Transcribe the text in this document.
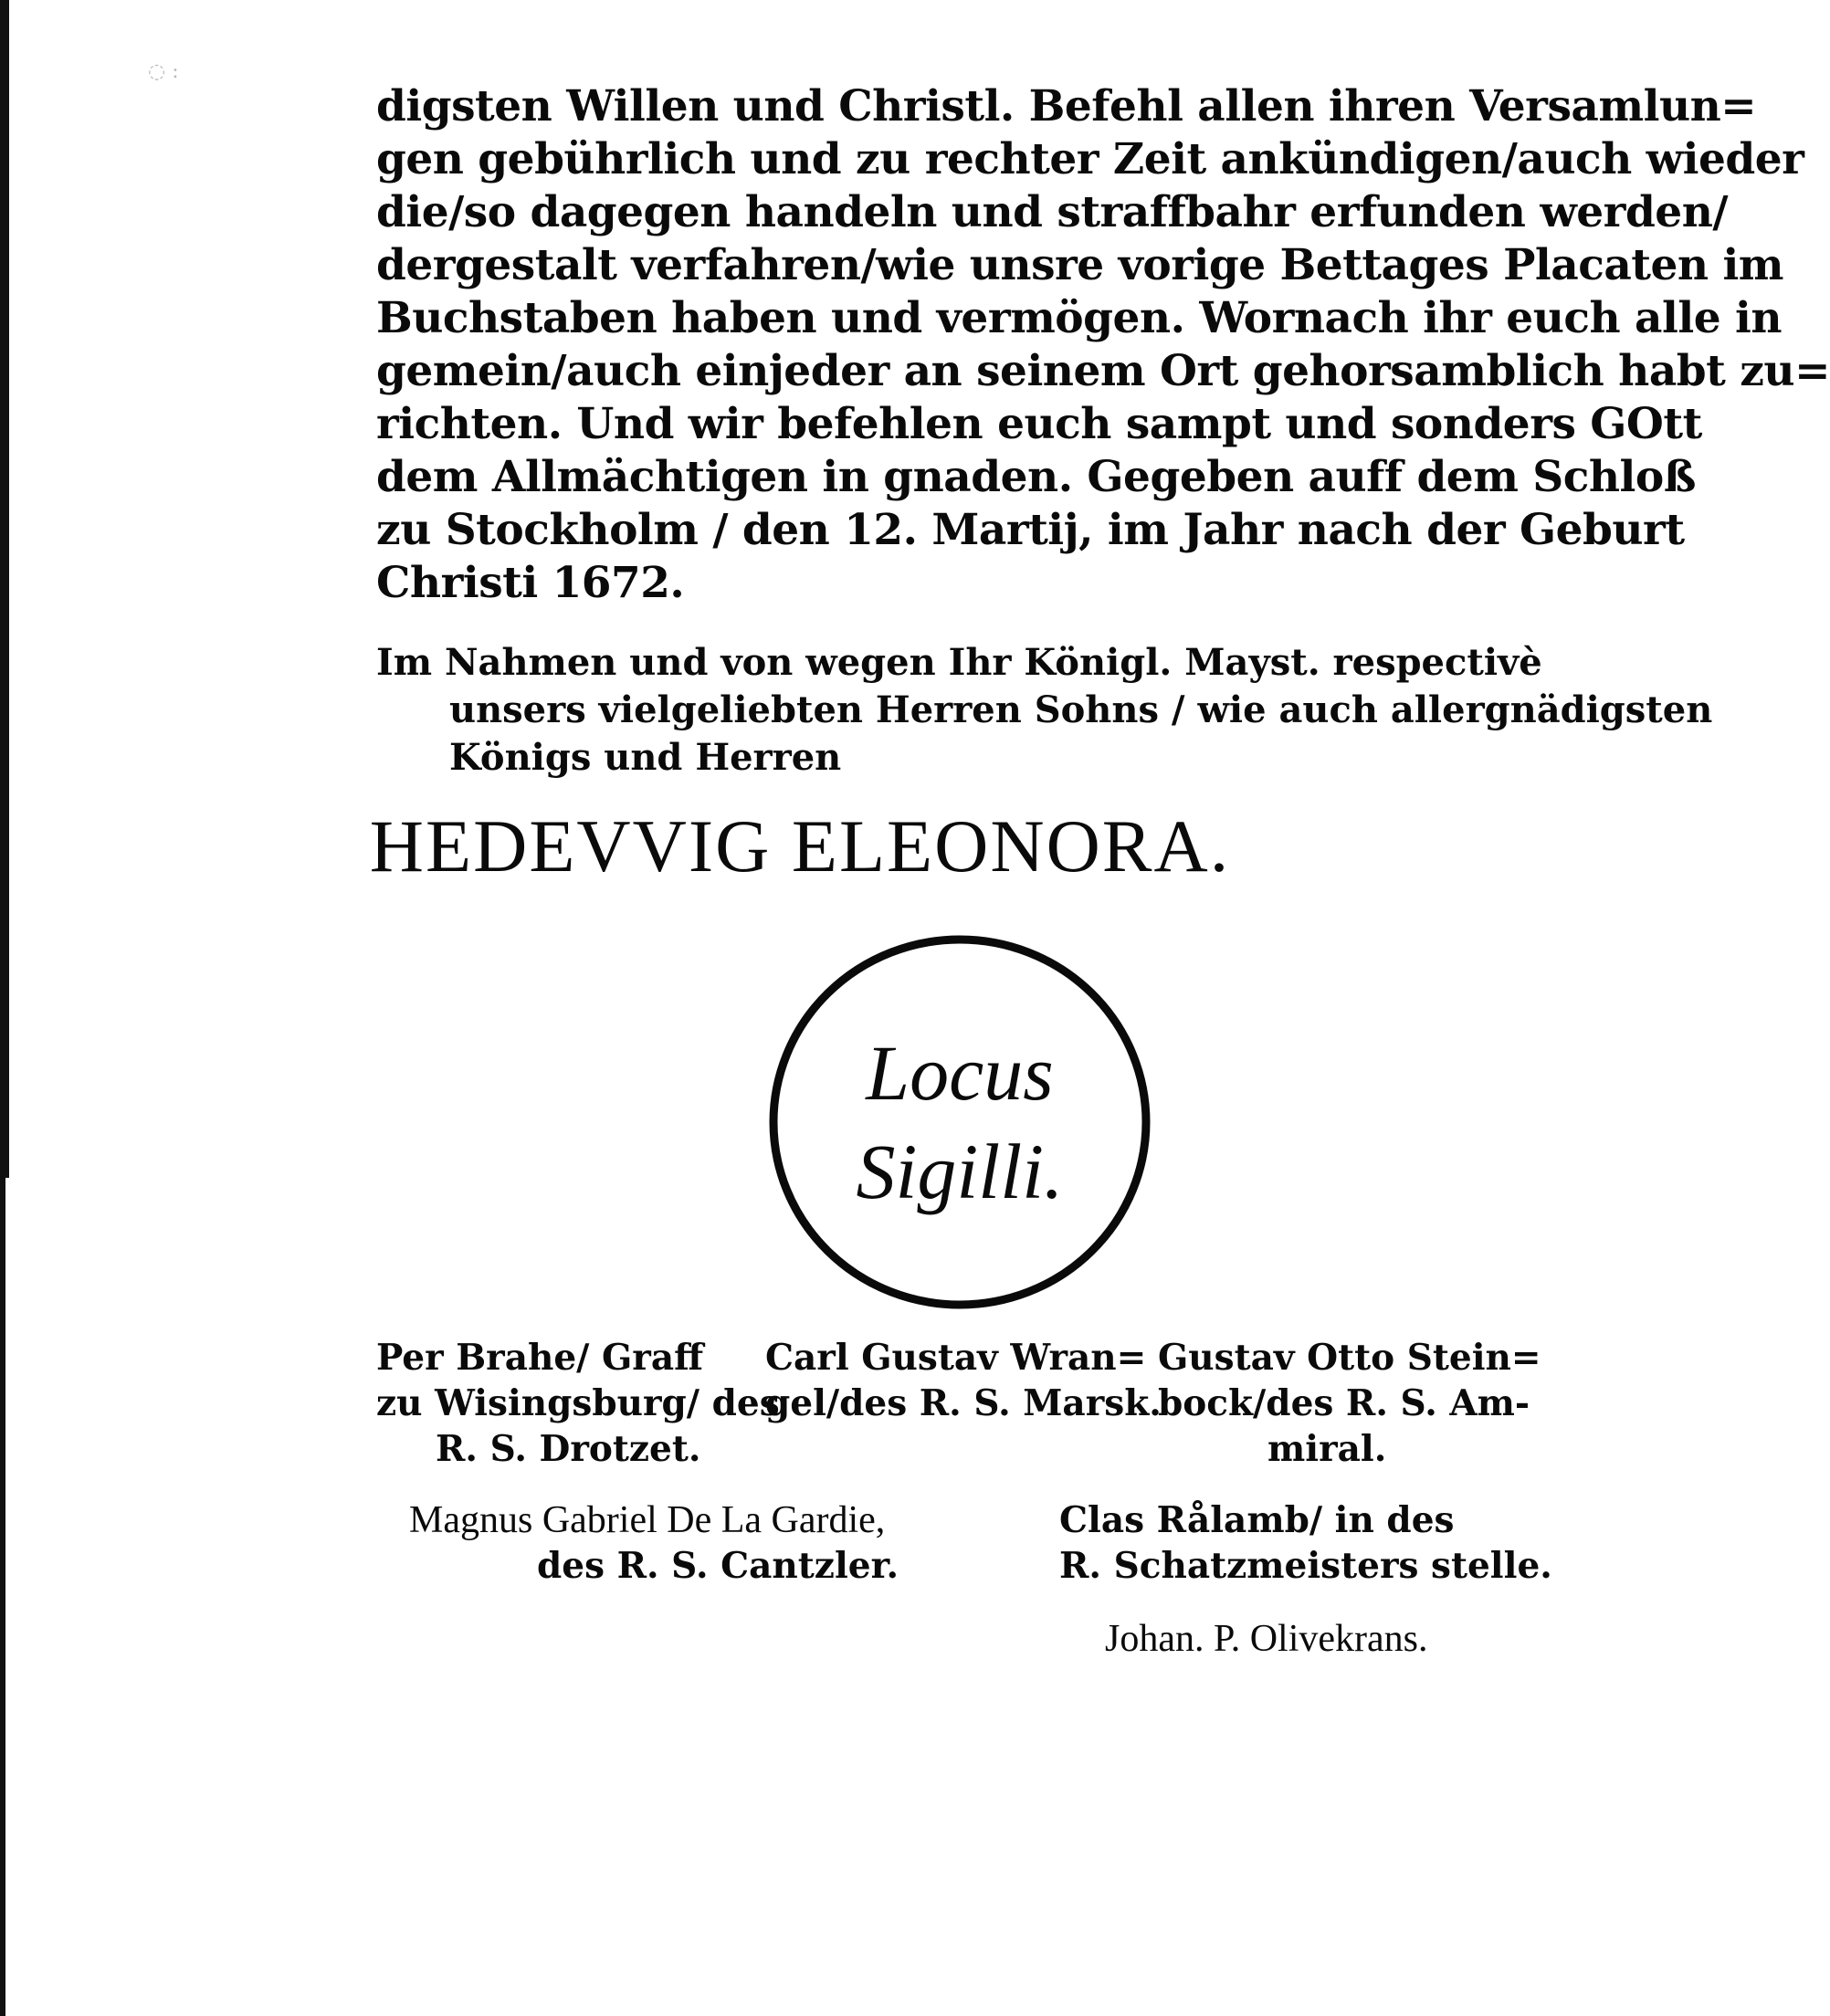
◌ :
digsten Willen und Christl. Befehl allen ihren Versamlun=
gen gebührlich und zu rechter Zeit ankündigen/auch wieder
die/so dagegen handeln und straffbahr erfunden werden/
dergestalt verfahren/wie unsre vorige Bettages Placaten im
Buchstaben haben und vermögen. Wornach ihr euch alle in
gemein/auch einjeder an seinem Ort gehorsamblich habt zu=
richten. Und wir befehlen euch sampt und sonders GOtt
dem Allmächtigen in gnaden. Gegeben auff dem Schloß
zu Stockholm / den 12. Martij, im Jahr nach der Geburt
Christi 1672.
Im Nahmen und von wegen Ihr Königl. Mayst. respectivè
unsers vielgeliebten Herren Sohns / wie auch allergnädigsten
Königs und Herren
HEDEVVIG ELEONORA.
Locus
Sigilli.
Per Brahe/ Graff
zu Wisingsburg/ des
R. S. Drotzet.
Carl Gustav Wran=
gel/des R. S. Marsk.
Gustav Otto Stein=
bock/des R. S. Am-
miral.
Magnus Gabriel De La Gardie,
des R. S. Cantzler.
Clas Rålamb/ in des
R. Schatzmeisters stelle.
Johan. P. Olivekrans.
